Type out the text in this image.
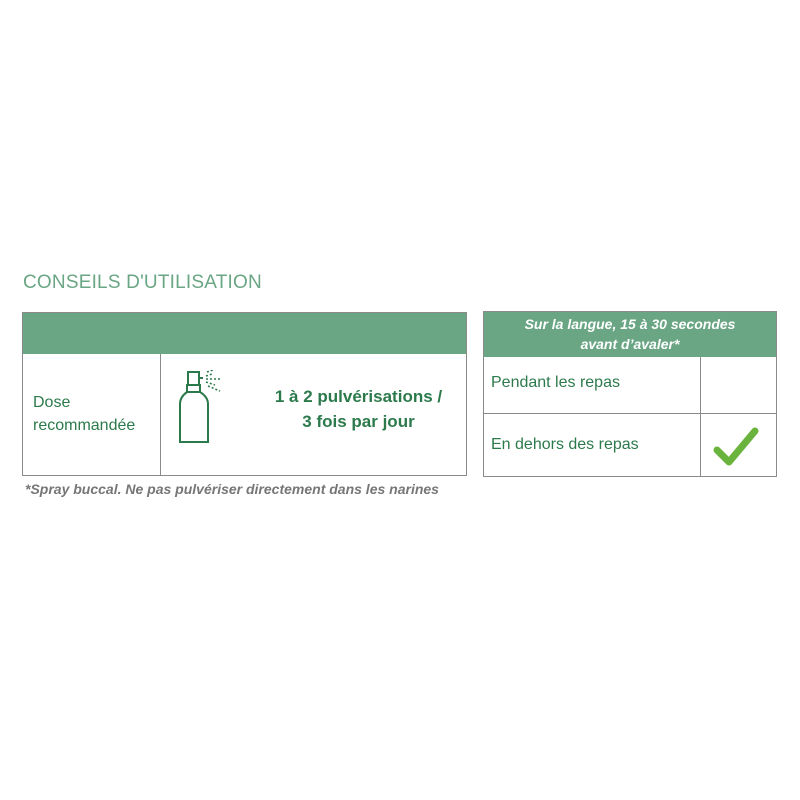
CONSEILS D'UTILISATION
Dose recommandée
1 à 2 pulvérisations /
3 fois par jour
*Spray buccal. Ne pas pulvériser directement dans les narines
Sur la langue, 15 à 30 secondes
avant d’avaler*
Pendant les repas
En dehors des repas
